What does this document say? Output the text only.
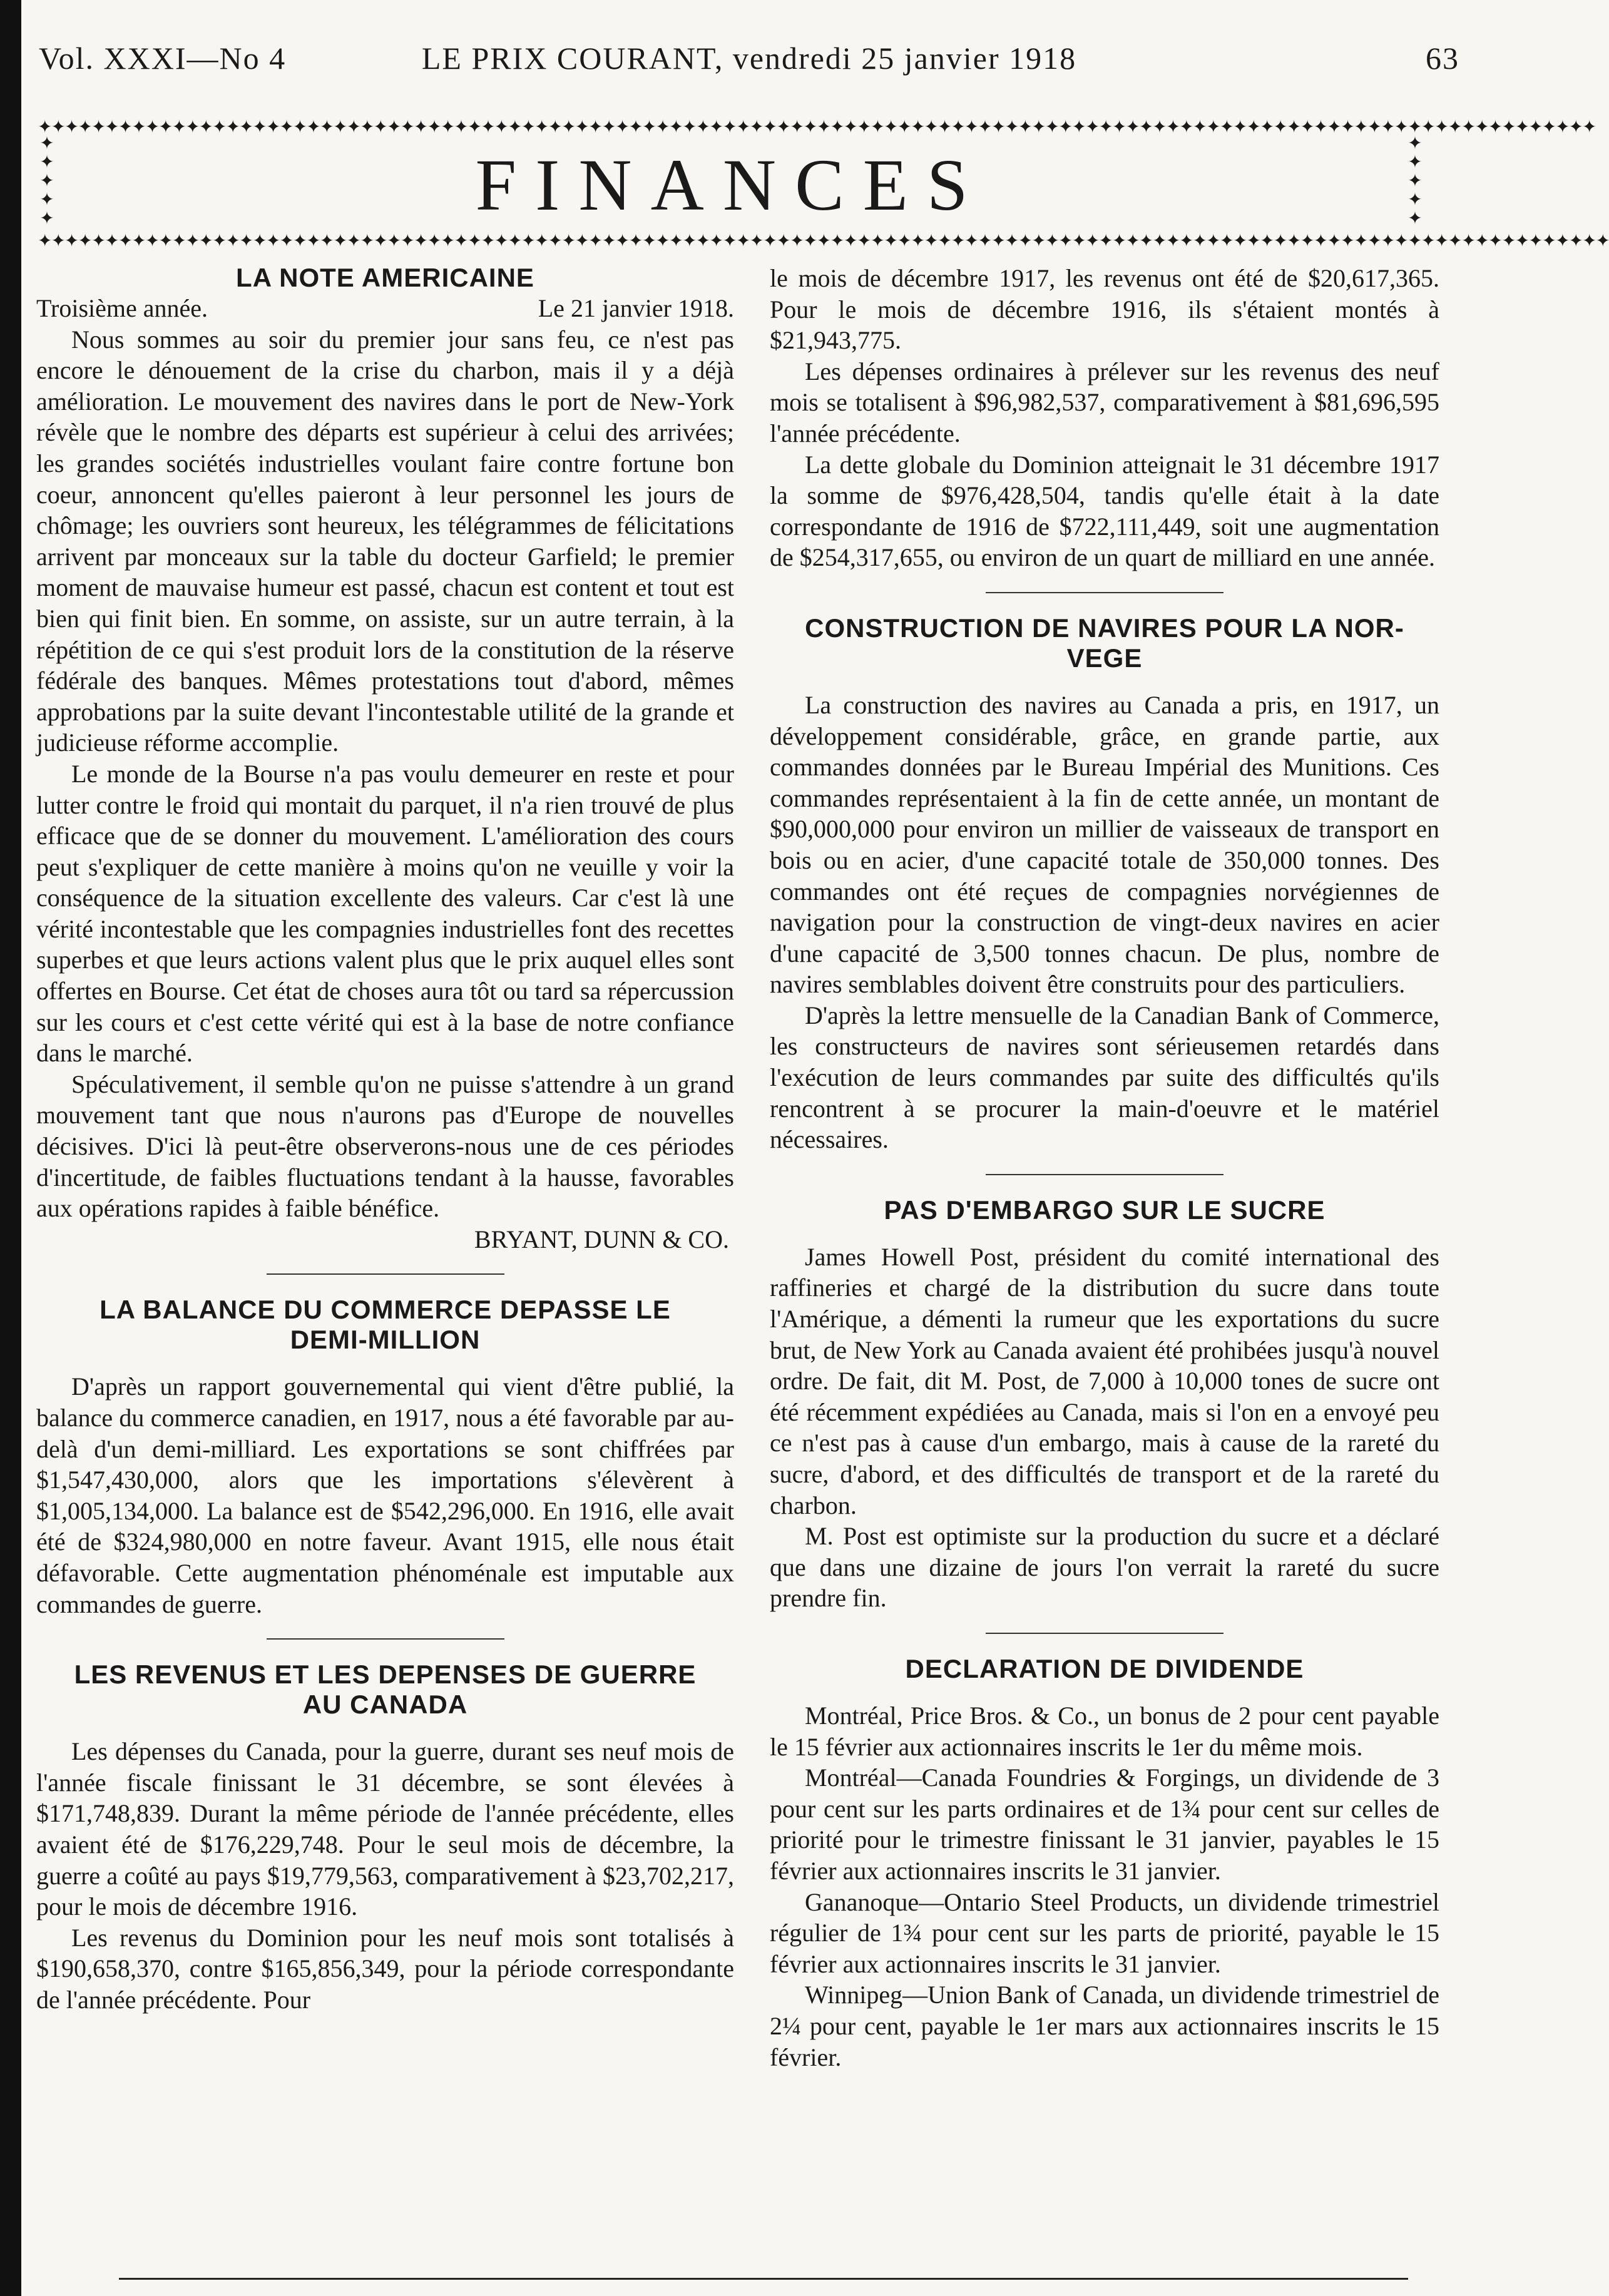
Vol. XXXI—No 4	LE PRIX COURANT, vendredi 25 janvier 1918	63
✦✦✦✦✦✦✦✦✦✦✦✦✦✦✦✦✦✦✦✦✦✦✦✦✦✦✦✦✦✦✦✦✦✦✦✦✦✦✦✦✦✦✦✦✦✦✦✦✦✦✦✦✦✦✦✦✦✦✦✦✦✦✦✦✦✦✦✦✦✦✦✦✦✦✦✦✦✦✦✦✦✦✦✦✦✦✦✦✦✦✦✦✦✦✦✦✦✦✦✦✦✦✦✦✦✦✦✦✦✦✦✦✦✦✦✦
✦
✦
✦
✦
✦
✦
✦
✦
✦
✦
FINANCES
✦✦✦✦✦✦✦✦✦✦✦✦✦✦✦✦✦✦✦✦✦✦✦✦✦✦✦✦✦✦✦✦✦✦✦✦✦✦✦✦✦✦✦✦✦✦✦✦✦✦✦✦✦✦✦✦✦✦✦✦✦✦✦✦✦✦✦✦✦✦✦✦✦✦✦✦✦✦✦✦✦✦✦✦✦✦✦✦✦✦✦✦✦✦✦✦✦✦✦✦✦✦✦✦✦✦✦✦✦✦✦✦✦✦✦✦✦
LA NOTE AMERICAINE
Troisième année.	Le 21 janvier 1918.

Nous sommes au soir du premier jour sans feu, ce n'est pas encore le dénouement de la crise du charbon, mais il y a déjà amélioration. Le mouvement des navires dans le port de New-York révèle que le nombre des départs est supérieur à celui des arrivées; les grandes sociétés industrielles voulant faire contre fortune bon coeur, annoncent qu'elles paieront à leur personnel les jours de chômage; les ouvriers sont heureux, les télégrammes de félicitations arrivent par monceaux sur la table du docteur Garfield; le premier moment de mauvaise humeur est passé, chacun est content et tout est bien qui finit bien. En somme, on assiste, sur un autre terrain, à la répétition de ce qui s'est produit lors de la constitution de la réserve fédérale des banques. Mêmes protestations tout d'abord, mêmes approbations par la suite devant l'incontestable utilité de la grande et judicieuse réforme accomplie.

Le monde de la Bourse n'a pas voulu demeurer en reste et pour lutter contre le froid qui montait du parquet, il n'a rien trouvé de plus efficace que de se donner du mouvement. L'amélioration des cours peut s'expliquer de cette manière à moins qu'on ne veuille y voir la conséquence de la situation excellente des valeurs. Car c'est là une vérité incontestable que les compagnies industrielles font des recettes superbes et que leurs actions valent plus que le prix auquel elles sont offertes en Bourse. Cet état de choses aura tôt ou tard sa répercussion sur les cours et c'est cette vérité qui est à la base de notre confiance dans le marché.

Spéculativement, il semble qu'on ne puisse s'attendre à un grand mouvement tant que nous n'aurons pas d'Europe de nouvelles décisives. D'ici là peut-être observerons-nous une de ces périodes d'incertitude, de faibles fluctuations tendant à la hausse, favorables aux opérations rapides à faible bénéfice.

BRYANT, DUNN & CO.
LA BALANCE DU COMMERCE DEPASSE LE
DEMI-MILLION

D'après un rapport gouvernemental qui vient d'être publié, la balance du commerce canadien, en 1917, nous a été favorable par au-delà d'un demi-milliard. Les exportations se sont chiffrées par $1,547,430,000, alors que les importations s'élevèrent à $1,005,134,000. La balance est de $542,296,000. En 1916, elle avait été de $324,980,000 en notre faveur. Avant 1915, elle nous était défavorable. Cette augmentation phénoménale est imputable aux commandes de guerre.

LES REVENUS ET LES DEPENSES DE GUERRE
AU CANADA

Les dépenses du Canada, pour la guerre, durant ses neuf mois de l'année fiscale finissant le 31 décembre, se sont élevées à $171,748,839. Durant la même période de l'année précédente, elles avaient été de $176,229,748. Pour le seul mois de décembre, la guerre a coûté au pays $19,779,563, comparativement à $23,702,217, pour le mois de décembre 1916.

Les revenus du Dominion pour les neuf mois sont totalisés à $190,658,370, contre $165,856,349, pour la période correspondante de l'année précédente. Pour

le mois de décembre 1917, les revenus ont été de $20,617,365. Pour le mois de décembre 1916, ils s'étaient montés à $21,943,775.

Les dépenses ordinaires à prélever sur les revenus des neuf mois se totalisent à $96,982,537, comparativement à $81,696,595 l'année précédente.

La dette globale du Dominion atteignait le 31 décembre 1917 la somme de $976,428,504, tandis qu'elle était à la date correspondante de 1916 de $722,111,449, soit une augmentation de $254,317,655, ou environ de un quart de milliard en une année.

CONSTRUCTION DE NAVIRES POUR LA NOR-
VEGE

La construction des navires au Canada a pris, en 1917, un développement considérable, grâce, en grande partie, aux commandes données par le Bureau Impérial des Munitions. Ces commandes représentaient à la fin de cette année, un montant de $90,000,000 pour environ un millier de vaisseaux de transport en bois ou en acier, d'une capacité totale de 350,000 tonnes. Des commandes ont été reçues de compagnies norvégiennes de navigation pour la construction de vingt-deux navires en acier d'une capacité de 3,500 tonnes chacun. De plus, nombre de navires semblables doivent être construits pour des particuliers.

D'après la lettre mensuelle de la Canadian Bank of Commerce, les constructeurs de navires sont sérieusemen retardés dans l'exécution de leurs commandes par suite des difficultés qu'ils rencontrent à se procurer la main-d'oeuvre et le matériel nécessaires.

PAS D'EMBARGO SUR LE SUCRE

James Howell Post, président du comité international des raffineries et chargé de la distribution du sucre dans toute l'Amérique, a démenti la rumeur que les exportations du sucre brut, de New York au Canada avaient été prohibées jusqu'à nouvel ordre. De fait, dit M. Post, de 7,000 à 10,000 tones de sucre ont été récemment expédiées au Canada, mais si l'on en a envoyé peu ce n'est pas à cause d'un embargo, mais à cause de la rareté du sucre, d'abord, et des difficultés de transport et de la rareté du charbon.

M. Post est optimiste sur la production du sucre et a déclaré que dans une dizaine de jours l'on verrait la rareté du sucre prendre fin.

DECLARATION DE DIVIDENDE

Montréal, Price Bros. & Co., un bonus de 2 pour cent payable le 15 février aux actionnaires inscrits le 1er du même mois.

Montréal—Canada Foundries & Forgings, un dividende de 3 pour cent sur les parts ordinaires et de 1¾ pour cent sur celles de priorité pour le trimestre finissant le 31 janvier, payables le 15 février aux actionnaires inscrits le 31 janvier.

Gananoque—Ontario Steel Products, un dividende trimestriel régulier de 1¾ pour cent sur les parts de priorité, payable le 15 février aux actionnaires inscrits le 31 janvier.

Winnipeg—Union Bank of Canada, un dividende trimestriel de 2¼ pour cent, payable le 1er mars aux actionnaires inscrits le 15 février.
